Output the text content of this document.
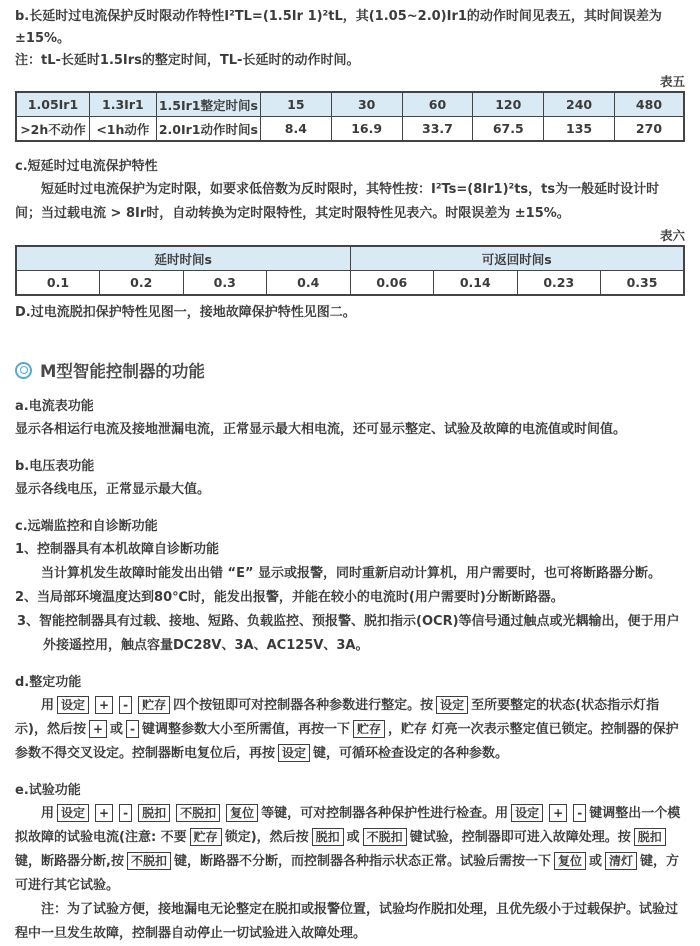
b.长延时过电流保护反时限动作特性I²TL=(1.5Ir 1)²tL，其(1.05~2.0)Ir1的动作时间见表五，其时间误差为 ±15%。

注：tL-长延时1.5Irs的整定时间，TL-长延时的动作时间。

表五
1.05Ir1	1.3Ir1	1.5Ir1整定时间s	15	30	60	120	240	480
>2h不动作	<1h动作	2.0Ir1动作时间s	8.4	16.9	33.7	67.5	135	270

c.短延时过电流保护特性

短延时过电流保护为定时限，如要求低倍数为反时限时，其特性按：I²Ts=(8Ir1)²ts，ts为一般延时设计时间；当过载电流 > 8Ir时，自动转换为定时限特性，其定时限特性见表六。时限误差为 ±15%。

表六
延时时间s				可返回时间s			
0.1	0.2	0.3	0.4	0.06	0.14	0.23	0.35

D.过电流脱扣保护特性见图一，接地故障保护特性见图二。

M型智能控制器的功能

a.电流表功能

显示各相运行电流及接地泄漏电流，正常显示最大相电流，还可显示整定、试验及故障的电流值或时间值。

b.电压表功能

显示各线电压，正常显示最大值。

c.远端监控和自诊断功能

1、控制器具有本机故障自诊断功能

当计算机发生故障时能发出出错 “E” 显示或报警，同时重新启动计算机，用户需要时，也可将断路器分断。

2、当局部环境温度达到80℃时，能发出报警，并能在较小的电流时(用户需要时)分断断路器。

3、智能控制器具有过载、接地、短路、负载监控、预报警、脱扣指示(OCR)等信号通过触点或光耦输出，便于用户外接遥控用，触点容量DC28V、3A、AC125V、3A。

d.整定功能

用 设定 + - 贮存 四个按钮即可对控制器各种参数进行整定。按 设定 至所要整定的状态(状态指示灯指示)，然后按 + 或 - 键调整参数大小至所需值，再按一下 贮存 ，贮存 灯亮一次表示整定值已锁定。控制器的保护参数不得交叉设定。控制器断电复位后，再按 设定 键，可循环检查设定的各种参数。

e.试验功能

用 设定 + - 脱扣 不脱扣 复位 等键，可对控制器各种保护性进行检查。用 设定 + - 键调整出一个模拟故障的试验电流(注意: 不要 贮存 锁定)，然后按 脱扣 或 不脱扣 键试验，控制器即可进入故障处理。按 脱扣键，断路器分断,按 不脱扣 键，断路器不分断，而控制器各种指示状态正常。试验后需按一下 复位 或 清灯 键，方可进行其它试验。

注：为了试验方便，接地漏电无论整定在脱扣或报警位置，试验均作脱扣处理，且优先级小于过载保护。试验过程中一旦发生故障，控制器自动停止一切试验进入故障处理。
